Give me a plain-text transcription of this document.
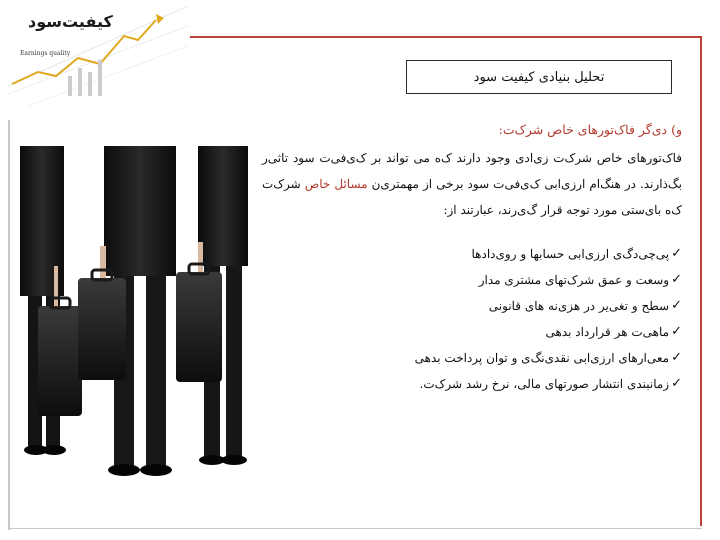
کیفیت‌سود
Earnings quality
تحلیل بنیادی کیفیت سود
و) دی‌گر فاک‌تورهای خاص شرک‌ت:

فاک‌تورهای خاص شرک‌ت زی‌ادی وجود دارند ک‌ه می تواند بر ک‌ی‌فی‌ت سود تاثی‌ر بگ‌ذارند. در هنگ‌ام ارزی‌ابی ک‌ی‌فی‌ت سود برخی از مهمتری‌ن مسائل خاص شرک‌ت ک‌ه بای‌ستی مورد توجه قرار گ‌ی‌رند، عبارتند از:

✓
پی‌چی‌دگ‌ی ارزی‌ابی حسابها و روی‌دادها
✓
وسعت و عمق شرک‌تهای مشتری مدار
✓
سطح و تغی‌یر در هزی‌نه های قانونی
✓
ماهی‌ت هر قرارداد بدهی
✓
معی‌ارهای ارزی‌ابی نقدی‌نگ‌ی و توان پرداخت بدهی
✓
زمانبندی انتشار صورتهای مالی، نرخ رشد شرک‌ت.
